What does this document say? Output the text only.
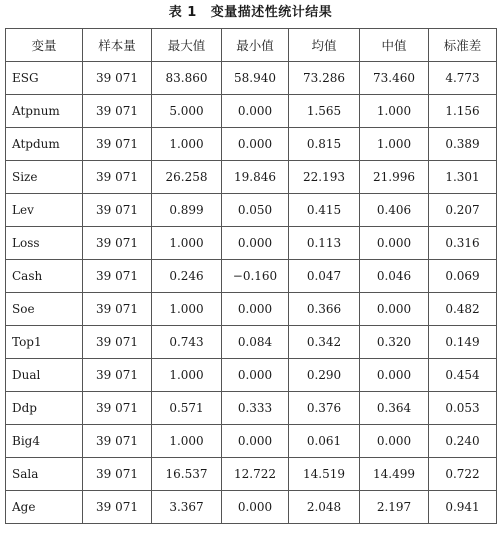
表 1 变量描述性统计结果
变量	样本量	最大值	最小值	均值	中值	标准差
ESG	39 071	83.860	58.940	73.286	73.460	4.773
Atpnum	39 071	5.000	0.000	1.565	1.000	1.156
Atpdum	39 071	1.000	0.000	0.815	1.000	0.389
Size	39 071	26.258	19.846	22.193	21.996	1.301
Lev	39 071	0.899	0.050	0.415	0.406	0.207
Loss	39 071	1.000	0.000	0.113	0.000	0.316
Cash	39 071	0.246	−0.160	0.047	0.046	0.069
Soe	39 071	1.000	0.000	0.366	0.000	0.482
Top1	39 071	0.743	0.084	0.342	0.320	0.149
Dual	39 071	1.000	0.000	0.290	0.000	0.454
Ddp	39 071	0.571	0.333	0.376	0.364	0.053
Big4	39 071	1.000	0.000	0.061	0.000	0.240
Sala	39 071	16.537	12.722	14.519	14.499	0.722
Age	39 071	3.367	0.000	2.048	2.197	0.941
